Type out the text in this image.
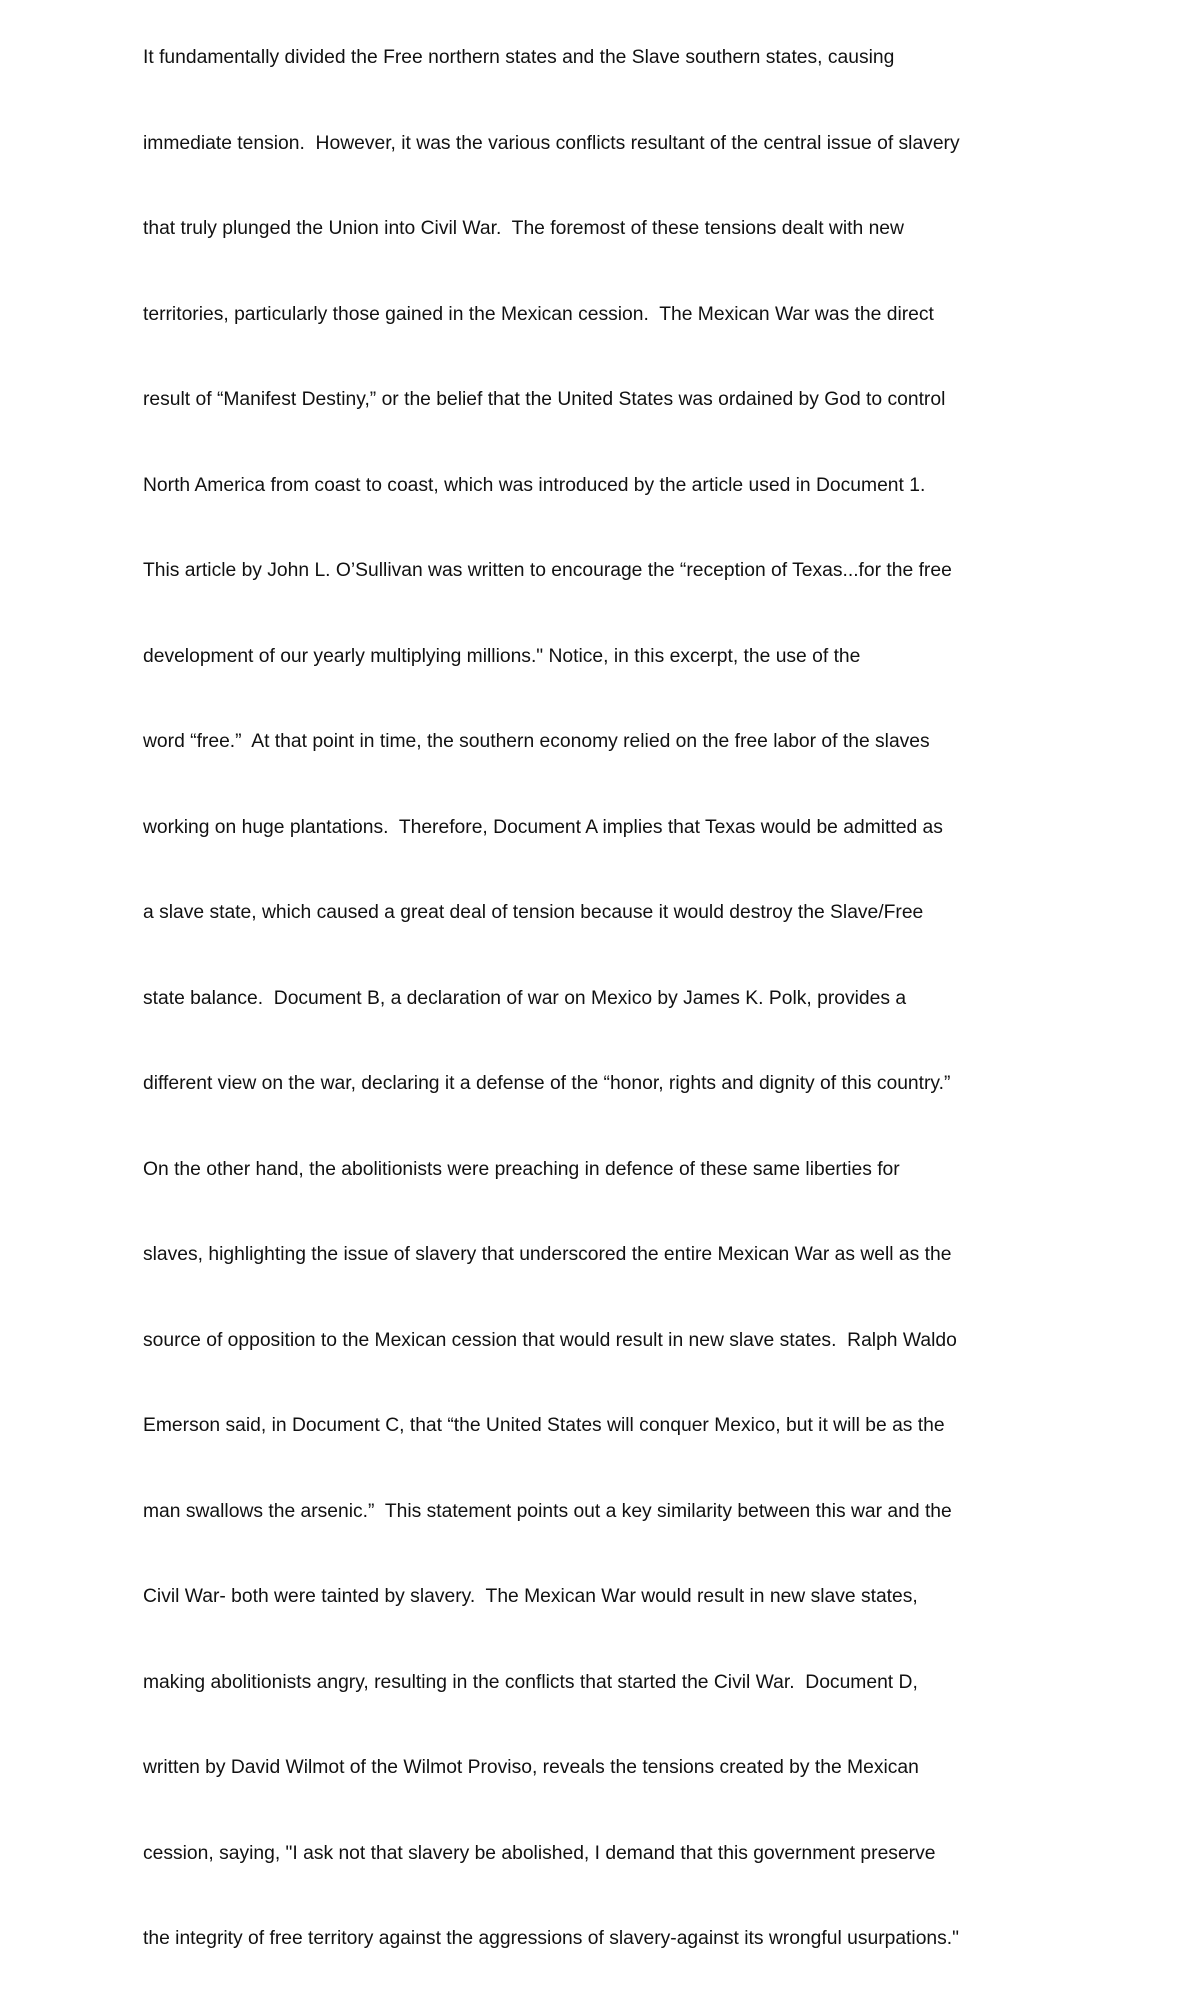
It fundamentally divided the Free northern states and the Slave southern states, causing

immediate tension.  However, it was the various conflicts resultant of the central issue of slavery

that truly plunged the Union into Civil War.  The foremost of these tensions dealt with new

territories, particularly those gained in the Mexican cession.  The Mexican War was the direct

result of “Manifest Destiny,” or the belief that the United States was ordained by God to control

North America from coast to coast, which was introduced by the article used in Document 1.

This article by John L. O’Sullivan was written to encourage the “reception of Texas...for the free

development of our yearly multiplying millions." Notice, in this excerpt, the use of the

word “free.”  At that point in time, the southern economy relied on the free labor of the slaves

working on huge plantations.  Therefore, Document A implies that Texas would be admitted as

a slave state, which caused a great deal of tension because it would destroy the Slave/Free

state balance.  Document B, a declaration of war on Mexico by James K. Polk, provides a

different view on the war, declaring it a defense of the “honor, rights and dignity of this country.”

On the other hand, the abolitionists were preaching in defence of these same liberties for

slaves, highlighting the issue of slavery that underscored the entire Mexican War as well as the

source of opposition to the Mexican cession that would result in new slave states.  Ralph Waldo

Emerson said, in Document C, that “the United States will conquer Mexico, but it will be as the

man swallows the arsenic.”  This statement points out a key similarity between this war and the

Civil War- both were tainted by slavery.  The Mexican War would result in new slave states,

making abolitionists angry, resulting in the conflicts that started the Civil War.  Document D,

written by David Wilmot of the Wilmot Proviso, reveals the tensions created by the Mexican

cession, saying, "I ask not that slavery be abolished, I demand that this government preserve

the integrity of free territory against the aggressions of slavery-against its wrongful usurpations."
